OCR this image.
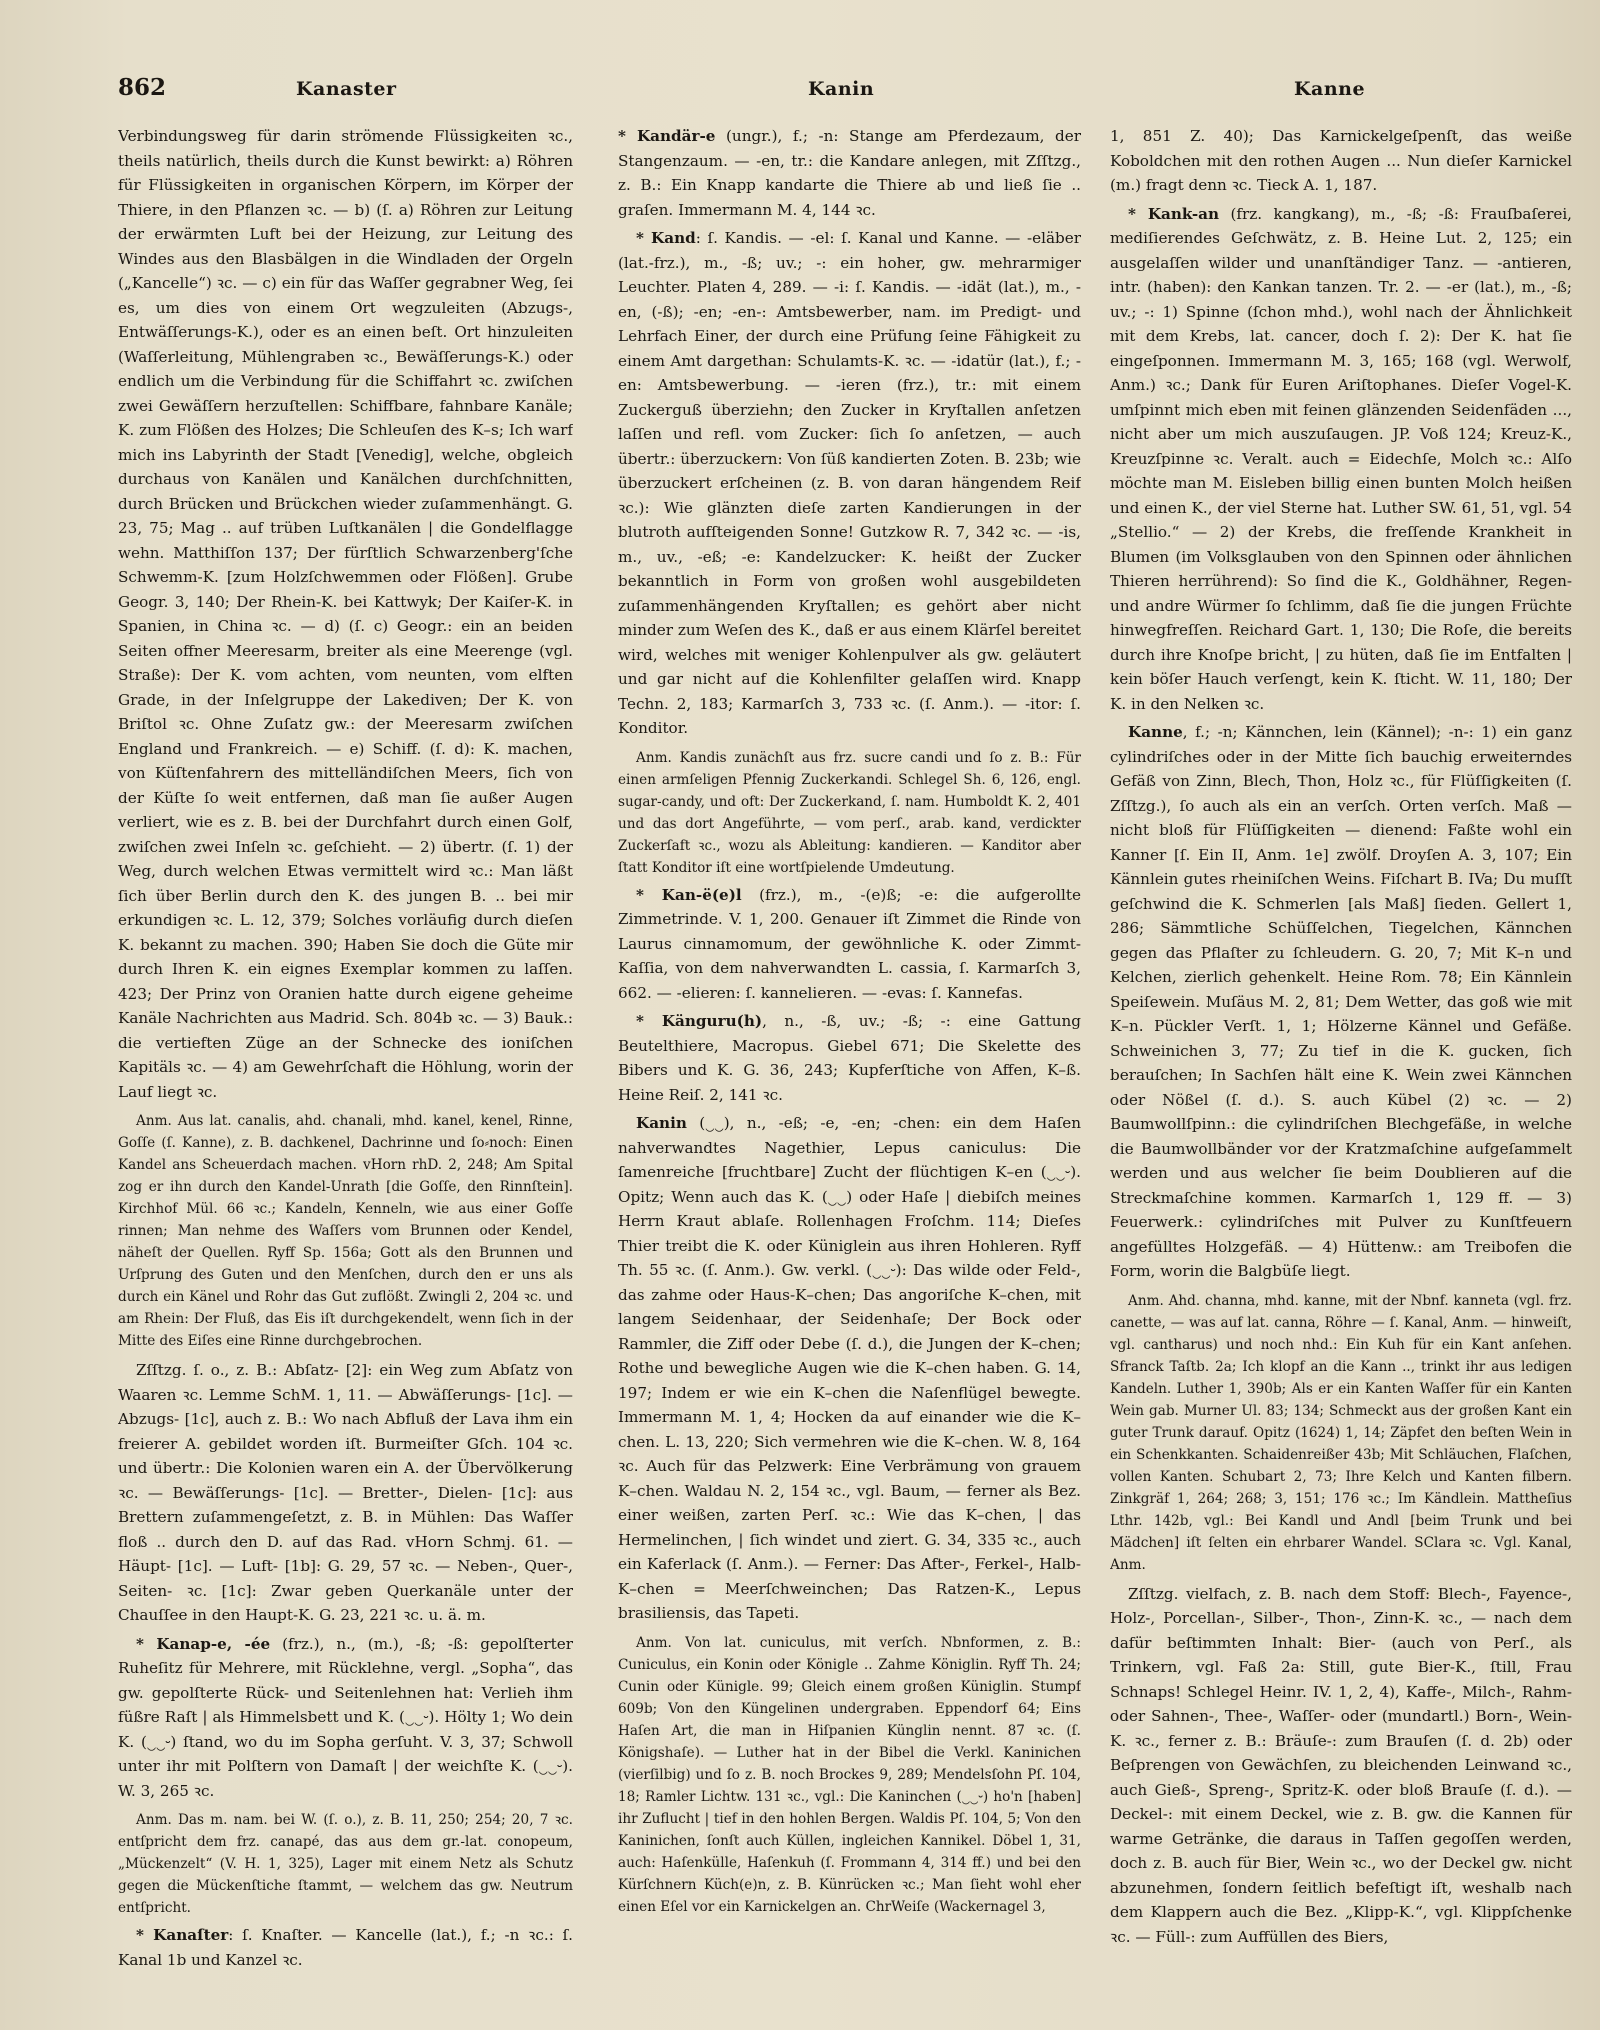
862	Kanaster	Kanin	Kanne

Verbindungsweg für darin strömende Flüssigkeiten ꝛc., theils natürlich, theils durch die Kunst bewirkt: a) Röhren für Flüssigkeiten in organischen Körpern, im Körper der Thiere, in den Pflanzen ꝛc. — b) (ſ. a) Röhren zur Leitung der erwärmten Luft bei der Heizung, zur Leitung des Windes aus den Blasbälgen in die Windladen der Orgeln („Kancelle“) ꝛc. — c) ein für das Waſſer gegrabner Weg, ſei es, um dies von einem Ort wegzuleiten (Abzugs-, Entwäſſerungs-K.), oder es an einen beſt. Ort hinzuleiten (Waſſerleitung, Mühlengraben ꝛc., Bewäſſerungs-K.) oder endlich um die Verbindung für die Schiffahrt ꝛc. zwiſchen zwei Gewäſſern herzuſtellen: Schiffbare, fahnbare Kanäle; K. zum Flößen des Holzes; Die Schleuſen des K–s; Ich warf mich ins Labyrinth der Stadt [Venedig], welche, obgleich durchaus von Kanälen und Kanälchen durchſchnitten, durch Brücken und Brückchen wieder zuſammenhängt. G. 23, 75; Mag .. auf trüben Luſtkanälen | die Gondelflagge wehn. Matthiſſon 137; Der fürſtlich Schwarzenberg'ſche Schwemm-K. [zum Holzſchwemmen oder Flößen]. Grube Geogr. 3, 140; Der Rhein-K. bei Kattwyk; Der Kaiſer-K. in Spanien, in China ꝛc. — d) (ſ. c) Geogr.: ein an beiden Seiten offner Meeresarm, breiter als eine Meerenge (vgl. Straße): Der K. vom achten, vom neunten, vom elften Grade, in der Inſelgruppe der Lakediven; Der K. von Briſtol ꝛc. Ohne Zuſatz gw.: der Meeresarm zwiſchen England und Frankreich. — e) Schiff. (ſ. d): K. machen, von Küſtenfahrern des mittelländiſchen Meers, ſich von der Küſte ſo weit entfernen, daß man ſie außer Augen verliert, wie es z. B. bei der Durchfahrt durch einen Golf, zwiſchen zwei Inſeln ꝛc. geſchieht. — 2) übertr. (ſ. 1) der Weg, durch welchen Etwas vermittelt wird ꝛc.: Man läßt ſich über Berlin durch den K. des jungen B. .. bei mir erkundigen ꝛc. L. 12, 379; Solches vorläufig durch dieſen K. bekannt zu machen. 390; Haben Sie doch die Güte mir durch Ihren K. ein eignes Exemplar kommen zu laſſen. 423; Der Prinz von Oranien hatte durch eigene geheime Kanäle Nachrichten aus Madrid. Sch. 804b ꝛc. — 3) Bauk.: die vertieften Züge an der Schnecke des ioniſchen Kapitäls ꝛc. — 4) am Gewehrſchaft die Höhlung, worin der Lauf liegt ꝛc.

Anm. Aus lat. canalis, ahd. chanali, mhd. kanel, kenel, Rinne, Goſſe (ſ. Kanne), z. B. dachkenel, Dachrinne und ſo⸗noch: Einen Kandel ans Scheuerdach machen. vHorn rhD. 2, 248; Am Spital zog er ihn durch den Kandel-Unrath [die Goſſe, den Rinnſtein]. Kirchhof Mül. 66 ꝛc.; Kandeln, Kenneln, wie aus einer Goſſe rinnen; Man nehme des Waſſers vom Brunnen oder Kendel, näheſt der Quellen. Ryff Sp. 156a; Gott als den Brunnen und Urſprung des Guten und den Menſchen, durch den er uns als durch ein Känel und Rohr das Gut zuflößt. Zwingli 2, 204 ꝛc. und am Rhein: Der Fluß, das Eis iſt durchgekendelt, wenn ſich in der Mitte des Eiſes eine Rinne durchgebrochen.

Zſſtzg. ſ. o., z. B.: Abſatz- [2]: ein Weg zum Abſatz von Waaren ꝛc. Lemme SchM. 1, 11. — Abwäſſerungs- [1c]. — Abzugs- [1c], auch z. B.: Wo nach Abfluß der Lava ihm ein freierer A. gebildet worden iſt. Burmeiſter Gſch. 104 ꝛc. und übertr.: Die Kolonien waren ein A. der Übervölkerung ꝛc. — Bewäſſerungs- [1c]. — Bretter-, Dielen- [1c]: aus Brettern zuſammengeſetzt, z. B. in Mühlen: Das Waſſer floß .. durch den D. auf das Rad. vHorn Schmj. 61. — Häupt- [1c]. — Luft- [1b]: G. 29, 57 ꝛc. — Neben-, Quer-, Seiten- ꝛc. [1c]: Zwar geben Querkanäle unter der Chauſſee in den Haupt-K. G. 23, 221 ꝛc. u. ä. m.

* Kanap-e, -ée (frz.), n., (m.), -ß; -ß: gepolſterter Ruheſitz für Mehrere, mit Rücklehne, vergl. „Sopha“, das gw. gepolſterte Rück- und Seitenlehnen hat: Verlieh ihm füßre Raſt | als Himmelsbett und K. (‿‿⏑). Hölty 1; Wo dein K. (‿‿⏑) ſtand, wo du im Sopha gerſuht. V. 3, 37; Schwoll unter ihr mit Polſtern von Damaſt | der weichſte K. (‿‿⏑). W. 3, 265 ꝛc.

Anm. Das m. nam. bei W. (ſ. o.), z. B. 11, 250; 254; 20, 7 ꝛc. entſpricht dem frz. canapé, das aus dem gr.-lat. conopeum, „Mückenzelt“ (V. H. 1, 325), Lager mit einem Netz als Schutz gegen die Mückenſtiche ſtammt, — welchem das gw. Neutrum entſpricht.

* Kanaſter: ſ. Knaſter. — Kancelle (lat.), f.; -n ꝛc.: ſ. Kanal 1b und Kanzel ꝛc.

* Kandär-e (ungr.), f.; -n: Stange am Pferdezaum, der Stangenzaum. — -en, tr.: die Kandare anlegen, mit Zſſtzg., z. B.: Ein Knapp kandarte die Thiere ab und ließ ſie .. graſen. Immermann M. 4, 144 ꝛc.

* Kand: ſ. Kandis. — -el: ſ. Kanal und Kanne. — -eläber (lat.-frz.), m., -ß; uv.; -: ein hoher, gw. mehrarmiger Leuchter. Platen 4, 289. — -i: ſ. Kandis. — -idät (lat.), m., -en, (-ß); -en; -en-: Amtsbewerber, nam. im Predigt- und Lehrfach Einer, der durch eine Prüfung ſeine Fähigkeit zu einem Amt dargethan: Schulamts-K. ꝛc. — -idatür (lat.), f.; -en: Amtsbewerbung. — -ieren (frz.), tr.: mit einem Zuckerguß überziehn; den Zucker in Kryſtallen anſetzen laſſen und refl. vom Zucker: ſich ſo anſetzen, — auch übertr.: überzuckern: Von ſüß kandierten Zoten. B. 23b; wie überzuckert erſcheinen (z. B. von daran hängendem Reif ꝛc.): Wie glänzten dieſe zarten Kandierungen in der blutroth aufſteigenden Sonne! Gutzkow R. 7, 342 ꝛc. — -is, m., uv., -eß; -e: Kandelzucker: K. heißt der Zucker bekanntlich in Form von großen wohl ausgebildeten zuſammenhängenden Kryſtallen; es gehört aber nicht minder zum Weſen des K., daß er aus einem Klärſel bereitet wird, welches mit weniger Kohlenpulver als gw. geläutert und gar nicht auf die Kohlenfilter gelaſſen wird. Knapp Techn. 2, 183; Karmarſch 3, 733 ꝛc. (ſ. Anm.). — -itor: ſ. Konditor.

Anm. Kandis zunächſt aus frz. sucre candi und ſo z. B.: Für einen armſeligen Pfennig Zuckerkandi. Schlegel Sh. 6, 126, engl. sugar-candy, und oft: Der Zuckerkand, ſ. nam. Humboldt K. 2, 401 und das dort Angeführte, — vom perſ., arab. kand, verdickter Zuckerſaft ꝛc., wozu als Ableitung: kandieren. — Kanditor aber ſtatt Konditor iſt eine wortſpielende Umdeutung.

* Kan-ë(e)l (frz.), m., -(e)ß; -e: die aufgerollte Zimmetrinde. V. 1, 200. Genauer iſt Zimmet die Rinde von Laurus cinnamomum, der gewöhnliche K. oder Zimmt-Kaſſia, von dem nahverwandten L. cassia, ſ. Karmarſch 3, 662. — -elieren: ſ. kannelieren. — -evas: ſ. Kannefas.

* Känguru(h), n., -ß, uv.; -ß; -: eine Gattung Beutelthiere, Macropus. Giebel 671; Die Skelette des Bibers und K. G. 36, 243; Kupferſtiche von Affen, K–ß. Heine Reiſ. 2, 141 ꝛc.

Kanin (‿‿), n., -eß; -e, -en; -chen: ein dem Haſen nahverwandtes Nagethier, Lepus caniculus: Die ſamenreiche [fruchtbare] Zucht der flüchtigen K–en (‿‿⏑). Opitz; Wenn auch das K. (‿‿) oder Haſe | diebiſch meines Herrn Kraut ablaſe. Rollenhagen Froſchm. 114; Dieſes Thier treibt die K. oder Küniglein aus ihren Hohleren. Ryff Th. 55 ꝛc. (ſ. Anm.). Gw. verkl. (‿‿⏑): Das wilde oder Feld-, das zahme oder Haus-K–chen; Das angoriſche K–chen, mit langem Seidenhaar, der Seidenhaſe; Der Bock oder Rammler, die Ziff oder Debe (ſ. d.), die Jungen der K–chen; Rothe und bewegliche Augen wie die K–chen haben. G. 14, 197; Indem er wie ein K–chen die Naſenflügel bewegte. Immermann M. 1, 4; Hocken da auf einander wie die K–chen. L. 13, 220; Sich vermehren wie die K–chen. W. 8, 164 ꝛc. Auch für das Pelzwerk: Eine Verbrämung von grauem K–chen. Waldau N. 2, 154 ꝛc., vgl. Baum, — ferner als Bez. einer weißen, zarten Perſ. ꝛc.: Wie das K–chen, | das Hermelinchen, | ſich windet und ziert. G. 34, 335 ꝛc., auch ein Kaferlack (ſ. Anm.). — Ferner: Das After-, Ferkel-, Halb-K–chen = Meerſchweinchen; Das Ratzen-K., Lepus brasiliensis, das Tapeti.

Anm. Von lat. cuniculus, mit verſch. Nbnformen, z. B.: Cuniculus, ein Konin oder Königle .. Zahme Königlin. Ryff Th. 24; Cunin oder Künigle. 99; Gleich einem großen Küniglin. Stumpf 609b; Von den Küngelinen undergraben. Eppendorf 64; Eins Haſen Art, die man in Hiſpanien Künglin nennt. 87 ꝛc. (ſ. Königshaſe). — Luther hat in der Bibel die Verkl. Kaninichen (vierſilbig) und ſo z. B. noch Brockes 9, 289; Mendelsſohn Pſ. 104, 18; Ramler Lichtw. 131 ꝛc., vgl.: Die Kaninchen (‿‿⏑) ho'n [haben] ihr Zuflucht | tief in den hohlen Bergen. Waldis Pſ. 104, 5; Von den Kaninichen, ſonſt auch Küllen, ingleichen Kannikel. Döbel 1, 31, auch: Haſenkülle, Haſenkuh (ſ. Frommann 4, 314 ff.) und bei den Kürſchnern Küch(e)n, z. B. Künrücken ꝛc.; Man ſieht wohl eher einen Eſel vor ein Karnickelgen an. ChrWeiſe (Wackernagel 3,

1, 851 Z. 40); Das Karnickelgeſpenſt, das weiße Koboldchen mit den rothen Augen ... Nun dieſer Karnickel (m.) fragt denn ꝛc. Tieck A. 1, 187.

* Kank-an (frz. kangkang), m., -ß; -ß: Frauſbaſerei, mediſierendes Geſchwätz, z. B. Heine Lut. 2, 125; ein ausgelaſſen wilder und unanſtändiger Tanz. — -antieren, intr. (haben): den Kankan tanzen. Tr. 2. — -er (lat.), m., -ß; uv.; -: 1) Spinne (ſchon mhd.), wohl nach der Ähnlichkeit mit dem Krebs, lat. cancer, doch ſ. 2): Der K. hat ſie eingeſponnen. Immermann M. 3, 165; 168 (vgl. Werwolf, Anm.) ꝛc.; Dank für Euren Ariſtophanes. Dieſer Vogel-K. umſpinnt mich eben mit feinen glänzenden Seidenfäden ..., nicht aber um mich auszuſaugen. JP. Voß 124; Kreuz-K., Kreuzſpinne ꝛc. Veralt. auch = Eidechſe, Molch ꝛc.: Alſo möchte man M. Eisleben billig einen bunten Molch heißen und einen K., der viel Sterne hat. Luther SW. 61, 51, vgl. 54 „Stellio.“ — 2) der Krebs, die freſſende Krankheit in Blumen (im Volksglauben von den Spinnen oder ähnlichen Thieren herrührend): So ſind die K., Goldhähner, Regen- und andre Würmer ſo ſchlimm, daß ſie die jungen Früchte hinwegfreſſen. Reichard Gart. 1, 130; Die Roſe, die bereits durch ihre Knoſpe bricht, | zu hüten, daß ſie im Entfalten | kein böſer Hauch verſengt, kein K. ſticht. W. 11, 180; Der K. in den Nelken ꝛc.

Kanne, f.; -n; Kännchen, lein (Kännel); -n-: 1) ein ganz cylindriſches oder in der Mitte ſich bauchig erweiterndes Gefäß von Zinn, Blech, Thon, Holz ꝛc., für Flüſſigkeiten (ſ. Zſſtzg.), ſo auch als ein an verſch. Orten verſch. Maß — nicht bloß für Flüſſigkeiten — dienend: Faßte wohl ein Kanner [ſ. Ein II, Anm. 1e] zwölf. Droyſen A. 3, 107; Ein Kännlein gutes rheiniſchen Weins. Fiſchart B. IVa; Du muſſt geſchwind die K. Schmerlen [als Maß] ſieden. Gellert 1, 286; Sämmtliche Schüſſelchen, Tiegelchen, Kännchen gegen das Pflaſter zu ſchleudern. G. 20, 7; Mit K–n und Kelchen, zierlich gehenkelt. Heine Rom. 78; Ein Kännlein Speiſewein. Muſäus M. 2, 81; Dem Wetter, das goß wie mit K–n. Pückler Verſt. 1, 1; Hölzerne Kännel und Gefäße. Schweinichen 3, 77; Zu tief in die K. gucken, ſich berauſchen; In Sachſen hält eine K. Wein zwei Kännchen oder Nößel (ſ. d.). S. auch Kübel (2) ꝛc. — 2) Baumwollſpinn.: die cylindriſchen Blechgefäße, in welche die Baumwollbänder vor der Kratzmaſchine aufgeſammelt werden und aus welcher ſie beim Doublieren auf die Streckmaſchine kommen. Karmarſch 1, 129 ff. — 3) Feuerwerk.: cylindriſches mit Pulver zu Kunſtfeuern angefülltes Holzgefäß. — 4) Hüttenw.: am Treibofen die Form, worin die Balgbüſe liegt.

Anm. Ahd. channa, mhd. kanne, mit der Nbnf. kanneta (vgl. frz. canette, — was auf lat. canna, Röhre — ſ. Kanal, Anm. — hinweiſt, vgl. cantharus) und noch nhd.: Ein Kuh für ein Kant anſehen. Sfranck Taſtb. 2a; Ich klopf an die Kann .., trinkt ihr aus ledigen Kandeln. Luther 1, 390b; Als er ein Kanten Waſſer für ein Kanten Wein gab. Murner Ul. 83; 134; Schmeckt aus der großen Kant ein guter Trunk darauf. Opitz (1624) 1, 14; Zäpfet den beſten Wein in ein Schenkkanten. Schaidenreißer 43b; Mit Schläuchen, Flaſchen, vollen Kanten. Schubart 2, 73; Ihre Kelch und Kanten filbern. Zinkgräf 1, 264; 268; 3, 151; 176 ꝛc.; Im Kändlein. Mattheſius Lthr. 142b, vgl.: Bei Kandl und Andl [beim Trunk und bei Mädchen] iſt ſelten ein ehrbarer Wandel. SClara ꝛc. Vgl. Kanal, Anm.

Zſſtzg. vielfach, z. B. nach dem Stoff: Blech-, Fayence-, Holz-, Porcellan-, Silber-, Thon-, Zinn-K. ꝛc., — nach dem dafür beſtimmten Inhalt: Bier- (auch von Perſ., als Trinkern, vgl. Faß 2a: Still, gute Bier-K., ſtill, Frau Schnaps! Schlegel Heinr. IV. 1, 2, 4), Kaffe-, Milch-, Rahm- oder Sahnen-, Thee-, Waſſer- oder (mundartl.) Born-, Wein-K. ꝛc., ferner z. B.: Bräuſe-: zum Brauſen (ſ. d. 2b) oder Beſprengen von Gewächſen, zu bleichenden Leinwand ꝛc., auch Gieß-, Spreng-, Spritz-K. oder bloß Brauſe (ſ. d.). — Deckel-: mit einem Deckel, wie z. B. gw. die Kannen für warme Getränke, die daraus in Taſſen gegoſſen werden, doch z. B. auch für Bier, Wein ꝛc., wo der Deckel gw. nicht abzunehmen, ſondern ſeitlich befeſtigt iſt, weshalb nach dem Klappern auch die Bez. „Klipp-K.“, vgl. Klippſchenke ꝛc. — Füll-: zum Auffüllen des Biers,
